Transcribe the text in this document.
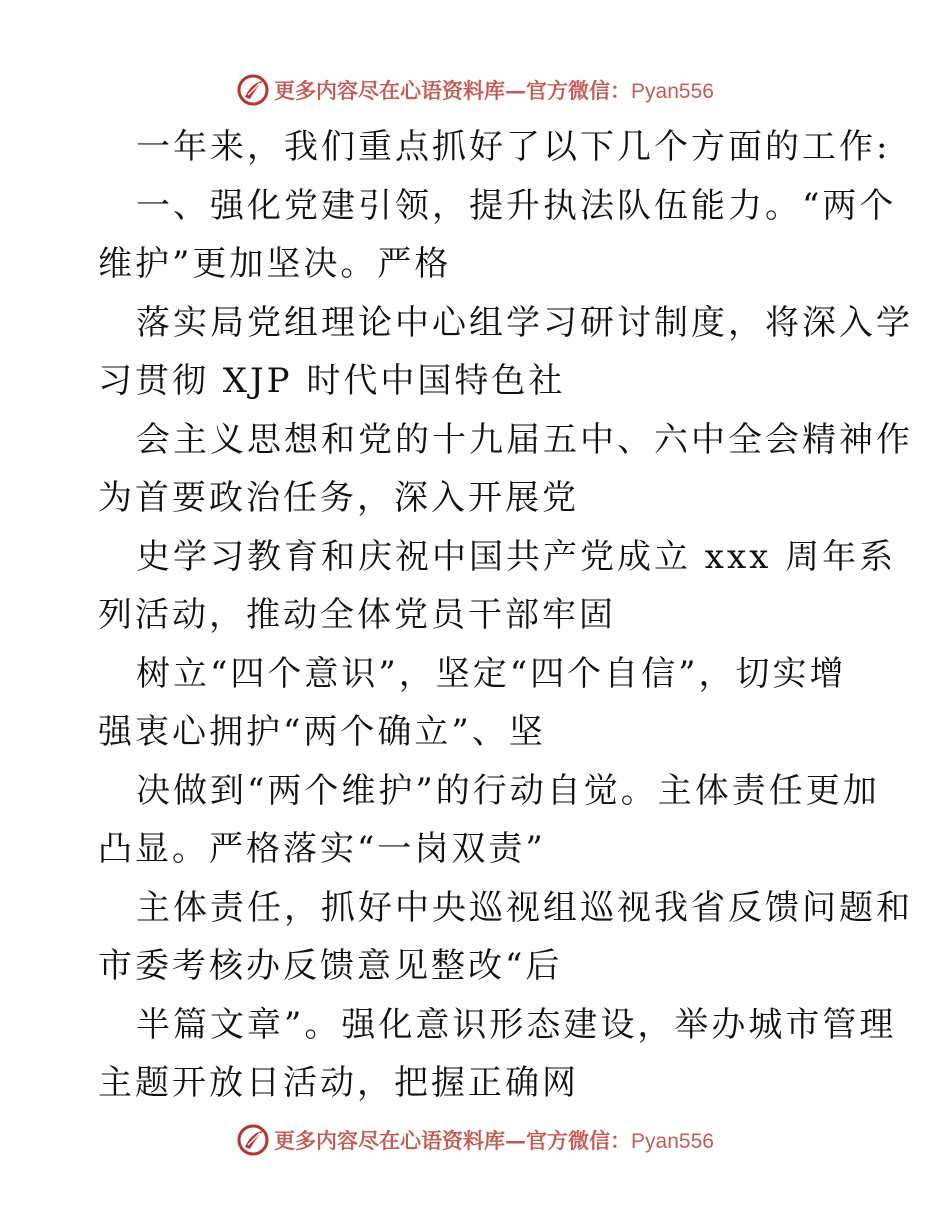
更多内容尽在心语资料库—官方微信：Pyan556
一年来，我们重点抓好了以下几个方面的工作:
一、强化党建引领，提升执法队伍能力。“两个
维护”更加坚决。严格
落实局党组理论中心组学习研讨制度，将深入学
习贯彻 XJP 时代中国特色社
会主义思想和党的十九届五中、六中全会精神作
为首要政治任务，深入开展党
史学习教育和庆祝中国共产党成立 xxx 周年系
列活动，推动全体党员干部牢固
树立“四个意识”，坚定“四个自信”，切实增
强衷心拥护“两个确立”、坚
决做到“两个维护”的行动自觉。主体责任更加
凸显。严格落实“一岗双责”
主体责任，抓好中央巡视组巡视我省反馈问题和
市委考核办反馈意见整改“后
半篇文章”。强化意识形态建设，举办城市管理
主题开放日活动，把握正确网
更多内容尽在心语资料库—官方微信：Pyan556
